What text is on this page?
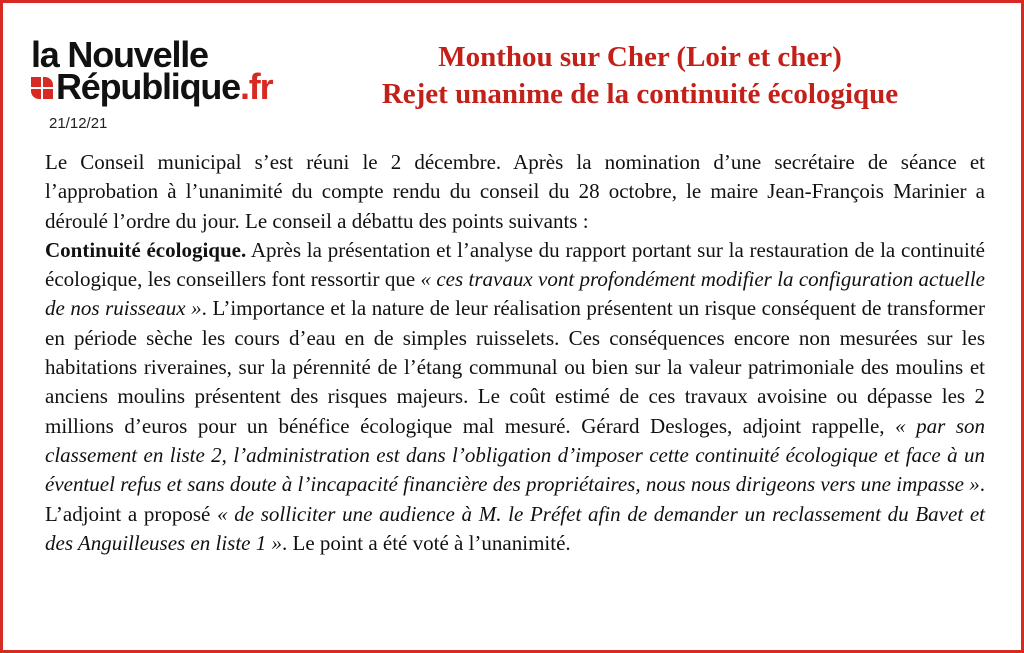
la Nouvelle
République .fr
21/12/21
Monthou sur Cher (Loir et cher)
Rejet unanime de la continuité écologique
Le Conseil municipal s’est réuni le 2 décembre. Après la nomination d’une secrétaire de séance et l’approbation à l’unanimité du compte rendu du conseil du 28 octobre, le maire Jean-François Marinier a déroulé l’ordre du jour. Le conseil a débattu des points suivants :
Continuité écologique. Après la présentation et l’analyse du rapport portant sur la restauration de la continuité écologique, les conseillers font ressortir que « ces travaux vont profondément modifier la configuration actuelle de nos ruisseaux ». L’importance et la nature de leur réalisation présentent un risque conséquent de transformer en période sèche les cours d’eau en de simples ruisselets. Ces conséquences encore non mesurées sur les habitations riveraines, sur la pérennité de l’étang communal ou bien sur la valeur patrimoniale des moulins et anciens moulins présentent des risques majeurs. Le coût estimé de ces travaux avoisine ou dépasse les 2 millions d’euros pour un bénéfice écologique mal mesuré. Gérard Desloges, adjoint rappelle, « par son classement en liste 2, l’administration est dans l’obligation d’imposer cette continuité écologique et face à un éventuel refus et sans doute à l’incapacité financière des propriétaires, nous nous dirigeons vers une impasse ». L’adjoint a proposé « de solliciter une audience à M. le Préfet afin de demander un reclassement du Bavet et des Anguilleuses en liste 1 ». Le point a été voté à l’unanimité.
